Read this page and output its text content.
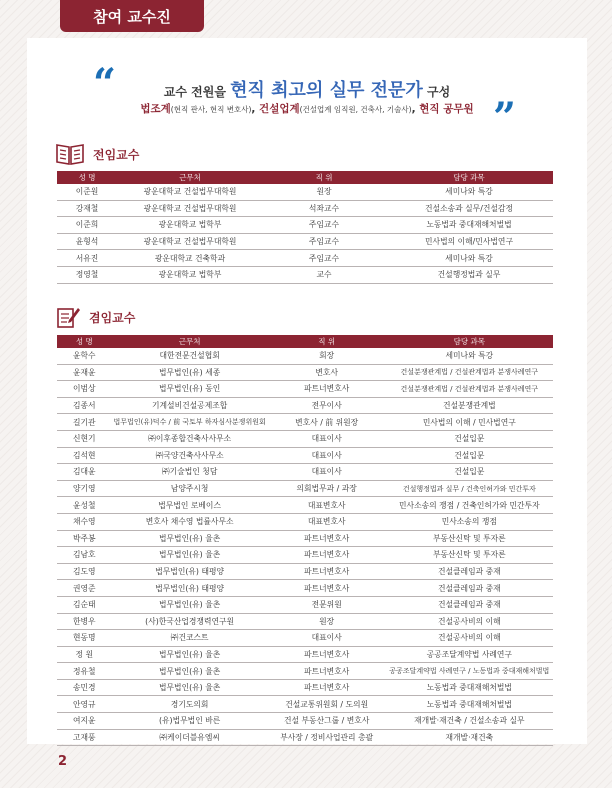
참여 교수진
“	교수 전원을 현직 최고의 실무 전문가 구성
법조계(현직 판사, 현직 변호사), 건설업계(건설업계 임직원, 건축사, 기술사), 현직 공무원 ”
전임교수
성 명	근무처	직 위	담당 과목
이준원	광운대학교 건설법무대학원	원장	세미나와 특강
강재철	광운대학교 건설법무대학원	석좌교수	건설소송과 실무/건설감정
이준희	광운대학교 법학부	주임교수	노동법과 중대재해처벌법
윤형석	광운대학교 건설법무대학원	주임교수	민사법의 이해/민사법연구
서유진	광운대학교 건축학과	주임교수	세미나와 특강
정영철	광운대학교 법학부	교수	건설행정법과 실무
겸임교수
성 명	근무처	직 위	담당 과목
윤학수	대한전문건설협회	회장	세미나와 특강
윤재윤	법무법인(유) 세종	변호사	건설분쟁관계법 / 건설관계법과 분쟁사례연구
이범상	법무법인(유) 동인	파트너변호사	건설분쟁관계법 / 건설관계법과 분쟁사례연구
김종서	기계설비건설공제조합	전무이사	건설분쟁관계법
길기관	법무법인(유)덕수 / 前 국토부 하자심사분쟁위원회	변호사 / 前 위원장	민사법의 이해 / 민사법연구
신현기	㈜이후종합건축사사무소	대표이사	건설입문
김석현	㈜국양건축사사무소	대표이사	건설입문
김대윤	㈜기술법인 청담	대표이사	건설입문
양기영	남양주시청	의회법무과 / 과장	건설행정법과 실무 / 건축인허가와 민간투자
윤성철	법무법인 로베이스	대표변호사	민사소송의 쟁점 / 건축인허가와 민간투자
채수영	변호사 채수영 법률사무소	대표변호사	민사소송의 쟁점
박주봉	법무법인(유) 율촌	파트너변호사	부동산신탁 및 투자론
김남호	법무법인(유) 율촌	파트너변호사	부동산신탁 및 투자론
김도영	법무법인(유) 태평양	파트너변호사	건설클레임과 중재
권영준	법무법인(유) 태평양	파트너변호사	건설클레임과 중재
김순태	법무법인(유) 율촌	전문위원	건설클레임과 중재
한병우	(사)한국산업경쟁력연구원	원장	건설공사비의 이해
현동명	㈜건코스트	대표이사	건설공사비의 이해
정 원	법무법인(유) 율촌	파트너변호사	공공조달계약법 사례연구
정유철	법무법인(유) 율촌	파트너변호사	공공조달계약법 사례연구 / 노동법과 중대재해처벌법
송민경	법무법인(유) 율촌	파트너변호사	노동법과 중대재해처벌법
안영규	경기도의회	건설교통위원회 / 도의원	노동법과 중대재해처벌법
여지윤	(유)법무법인 바른	건설 부동산그룹 / 변호사	재개발·재건축 / 건설소송과 실무
고재풍	㈜케이더블유엠씨	부사장 / 정비사업관리 총괄	재개발·재건축
2
